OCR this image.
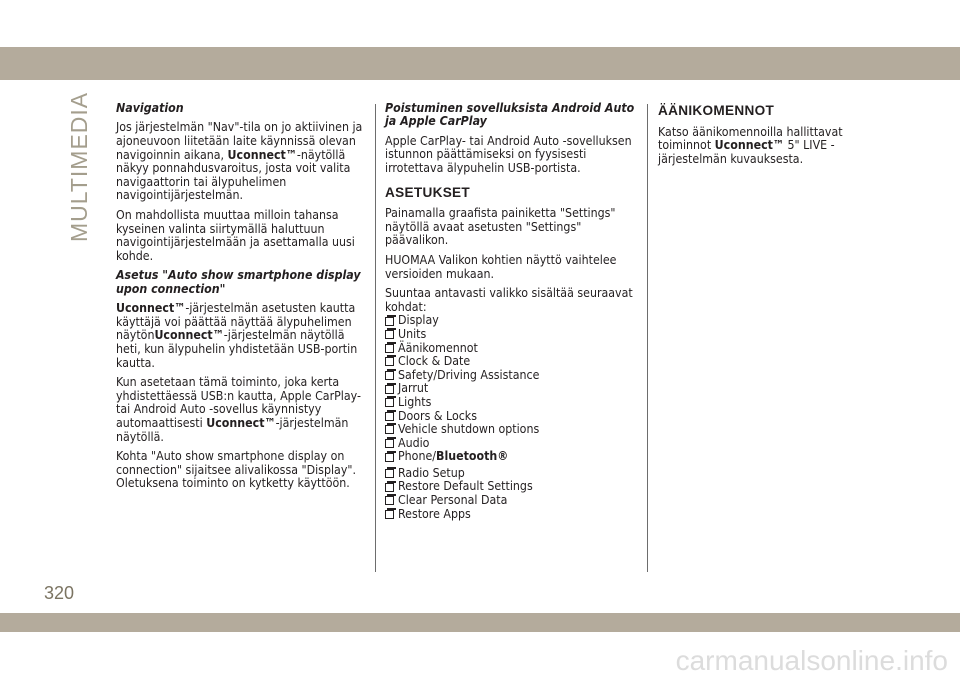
MULTIMEDIA Navigation

Jos järjestelmän "Nav"-tila on jo aktiivinen ja ajoneuvoon liitetään laite käynnissä olevan navigoinnin aikana, Uconnect™-näytöllä näkyy ponnahdusvaroitus, josta voit valita navigaattorin tai älypuhelimen navigointijärjestelmän.

On mahdollista muuttaa milloin tahansa kyseinen valinta siirtymällä haluttuun navigointijärjestelmään ja asettamalla uusi kohde.

Asetus "Auto show smartphone display upon connection"

Uconnect™-järjestelmän asetusten kautta käyttäjä voi päättää näyttää älypuhelimen näytönUconnect™-järjestelmän näytöllä heti, kun älypuhelin yhdistetään USB-portin kautta.

Kun asetetaan tämä toiminto, joka kerta yhdistettäessä USB:n kautta, Apple CarPlay- tai Android Auto -sovellus käynnistyy automaattisesti Uconnect™-järjestelmän näytöllä.

Kohta "Auto show smartphone display on connection" sijaitsee alivalikossa "Display". Oletuksena toiminto on kytketty käyttöön.

Poistuminen sovelluksista Android Auto ja Apple CarPlay

Apple CarPlay- tai Android Auto -sovelluksen istunnon päättämiseksi on fyysisesti irrotettava älypuhelin USB-portista.

ASETUKSET

Painamalla graafista painiketta "Settings" näytöllä avaat asetusten "Settings" päävalikon.

HUOMAA Valikon kohtien näyttö vaihtelee versioiden mukaan.

Suuntaa antavasti valikko sisältää seuraavat kohdat:

Display
Units
Äänikomennot
Clock & Date
Safety/Driving Assistance
Jarrut
Lights
Doors & Locks
Vehicle shutdown options
Audio
Phone/ Bluetooth®
Radio Setup
Restore Default Settings
Clear Personal Data
Restore Apps
ÄÄNIKOMENNOT

Katso äänikomennoilla hallittavat toiminnot Uconnect™ 5" LIVE -järjestelmän kuvauksesta.

320
carmanualsonline.info
